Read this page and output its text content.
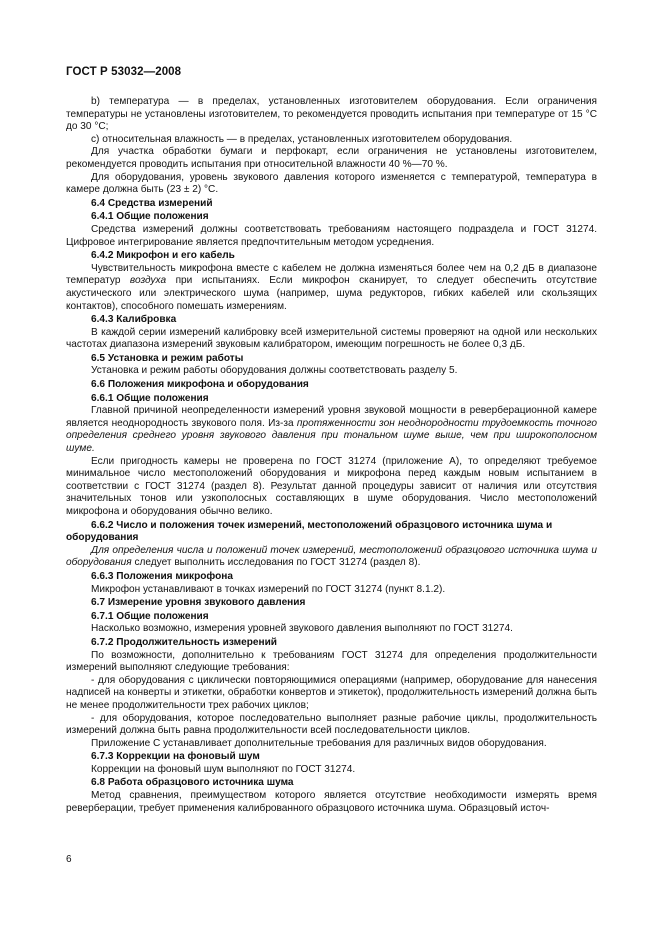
ГОСТ Р 53032—2008

b) температура — в пределах, установленных изготовителем оборудования. Если ограничения температуры не установлены изготовителем, то рекомендуется проводить испытания при температуре от 15 °С до 30 °С;

с) относительная влажность — в пределах, установленных изготовителем оборудования.

Для участка обработки бумаги и перфокарт, если ограничения не установлены изготовителем, рекомендуется проводить испытания при относительной влажности 40 %—70 %.

Для оборудования, уровень звукового давления которого изменяется с температурой, температура в камере должна быть (23 ± 2) °С.

6.4 Средства измерений
6.4.1 Общие положения

Средства измерений должны соответствовать требованиям настоящего подраздела и ГОСТ 31274. Цифровое интегрирование является предпочтительным методом усреднения.

6.4.2 Микрофон и его кабель

Чувствительность микрофона вместе с кабелем не должна изменяться более чем на 0,2 дБ в диапазоне температур воздуха при испытаниях. Если микрофон сканирует, то следует обеспечить отсутствие акустического или электрического шума (например, шума редукторов, гибких кабелей или скользящих контактов), способного помешать измерениям.

6.4.3 Калибровка

В каждой серии измерений калибровку всей измерительной системы проверяют на одной или нескольких частотах диапазона измерений звуковым калибратором, имеющим погрешность не более 0,3 дБ.

6.5 Установка и режим работы

Установка и режим работы оборудования должны соответствовать разделу 5.

6.6 Положения микрофона и оборудования
6.6.1 Общие положения

Главной причиной неопределенности измерений уровня звуковой мощности в реверберационной камере является неоднородность звукового поля. Из-за протяженности зон неоднородности трудоемкость точного определения среднего уровня звукового давления при тональном шуме выше, чем при широкополосном шуме.

Если пригодность камеры не проверена по ГОСТ 31274 (приложение А), то определяют требуемое минимальное число местоположений оборудования и микрофона перед каждым новым испытанием в соответствии с ГОСТ 31274 (раздел 8). Результат данной процедуры зависит от наличия или отсутствия значительных тонов или узкополосных составляющих в шуме оборудования. Число местоположений микрофона и оборудования обычно велико.

6.6.2 Число и положения точек измерений, местоположений образцового источника шума и оборудования

Для определения числа и положений точек измерений, местоположений образцового источника шума и оборудования следует выполнить исследования по ГОСТ 31274 (раздел 8).

6.6.3 Положения микрофона

Микрофон устанавливают в точках измерений по ГОСТ 31274 (пункт 8.1.2).

6.7 Измерение уровня звукового давления
6.7.1 Общие положения

Насколько возможно, измерения уровней звукового давления выполняют по ГОСТ 31274.

6.7.2 Продолжительность измерений

По возможности, дополнительно к требованиям ГОСТ 31274 для определения продолжительности измерений выполняют следующие требования:

- для оборудования с циклически повторяющимися операциями (например, оборудование для нанесения надписей на конверты и этикетки, обработки конвертов и этикеток), продолжительность измерений должна быть не менее продолжительности трех рабочих циклов;

- для оборудования, которое последовательно выполняет разные рабочие циклы, продолжительность измерений должна быть равна продолжительности всей последовательности циклов.

Приложение С устанавливает дополнительные требования для различных видов оборудования.

6.7.3 Коррекции на фоновый шум

Коррекции на фоновый шум выполняют по ГОСТ 31274.

6.8 Работа образцового источника шума

Метод сравнения, преимуществом которого является отсутствие необходимости измерять время реверберации, требует применения калиброванного образцового источника шума. Образцовый источ-

6
